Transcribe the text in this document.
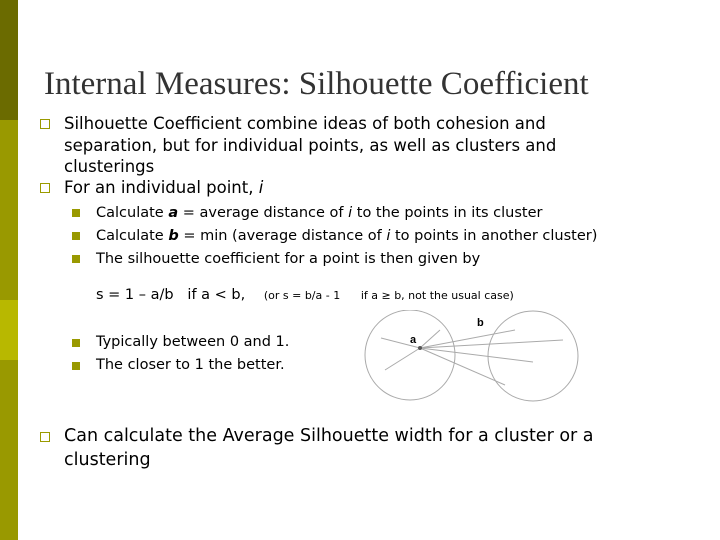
Internal Measures: Silhouette Coefficient
Silhouette Coefficient combine ideas of both cohesion and
separation, but for individual points, as well as clusters and
clusterings
For an individual point, i
Calculate a = average distance of i to the points in its cluster
Calculate b = min (average distance of i to points in another cluster)
The silhouette coefficient for a point is then given by
s = 1 – a/b   if a < b, (or s = b/a - 1 if a ≥ b, not the usual case)
Typically between 0 and 1.
The closer to 1 the better.
a
b
Can calculate the Average Silhouette width for a cluster or a
clustering
